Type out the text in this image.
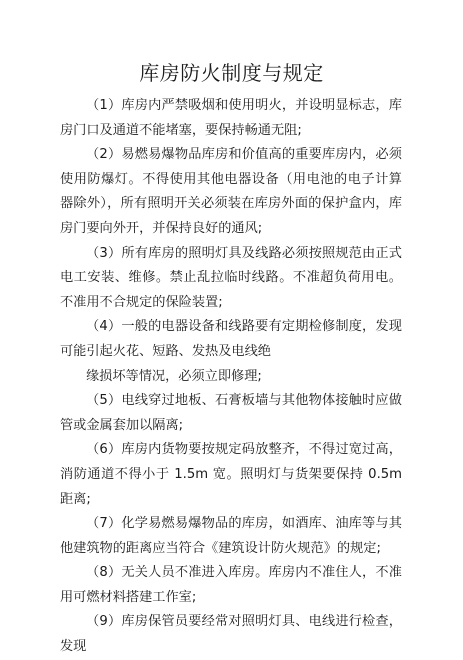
库房防火制度与规定

（1）库房内严禁吸烟和使用明火，并设明显标志，库房门口及通道不能堵塞，要保持畅通无阻;

（2）易燃易爆物品库房和价值高的重要库房内，必须使用防爆灯。不得使用其他电器设备（用电池的电子计算器除外），所有照明开关必须装在库房外面的保护盒内，库房门要向外开，并保持良好的通风;

（3）所有库房的照明灯具及线路必须按照规范由正式电工安装、维修。禁止乱拉临时线路。不准超负荷用电。不准用不合规定的保险装置;

（4）一般的电器设备和线路要有定期检修制度，发现可能引起火花、短路、发热及电线绝

缘损坏等情况，必须立即修理;

（5）电线穿过地板、石膏板墙与其他物体接触时应做管或金属套加以隔离;

（6）库房内货物要按规定码放整齐，不得过宽过高，消防通道不得小于 1.5m 宽。照明灯与货架要保持 0.5m 距离;

（7）化学易燃易爆物品的库房，如酒库、油库等与其他建筑物的距离应当符合《建筑设计防火规范》的规定;

（8）无关人员不准进入库房。库房内不准住人，不准用可燃材料搭建工作室;

（9）库房保管员要经常对照明灯具、电线进行检查，发现
